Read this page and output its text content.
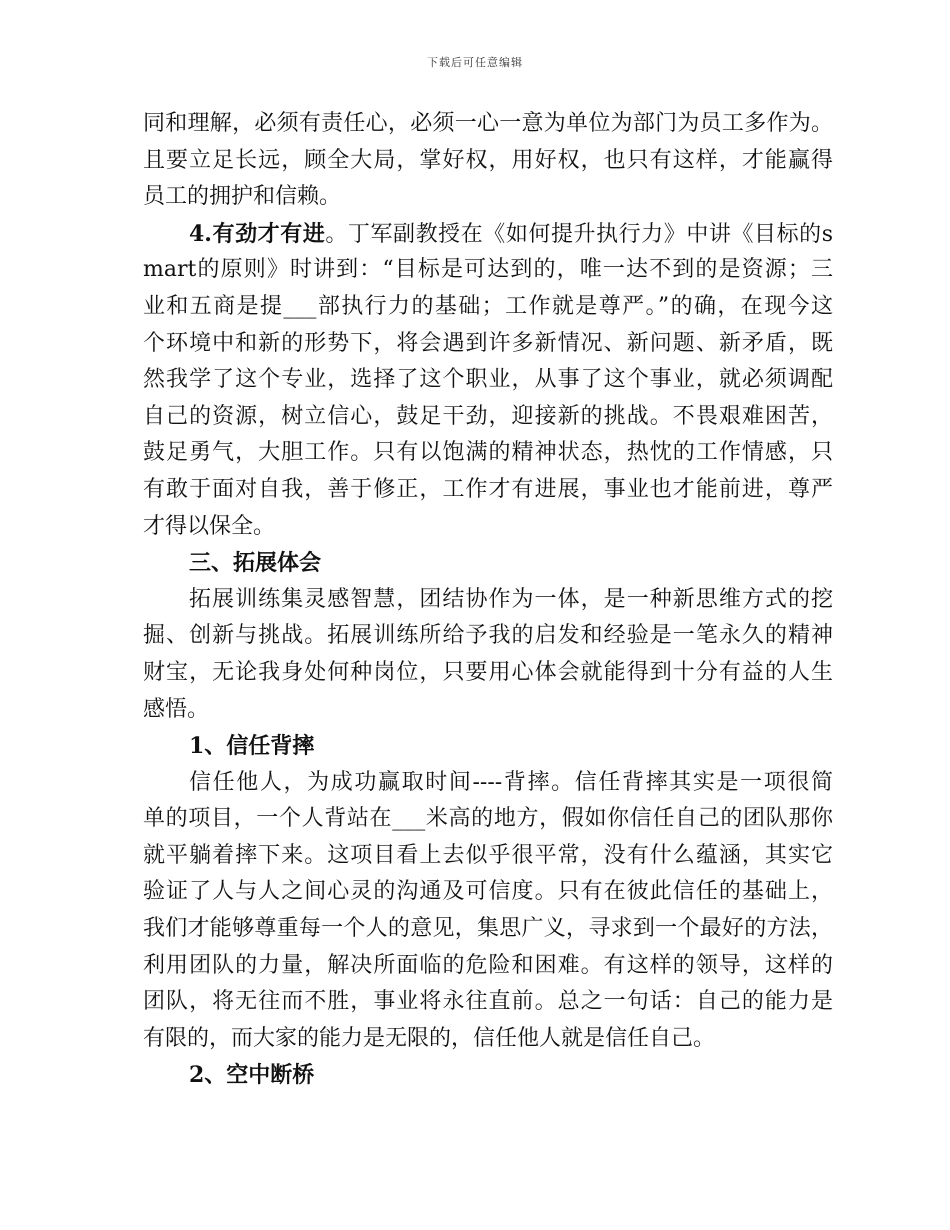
下载后可任意编辑
同和理解，必须有责任心，必须一心一意为单位为部门为员工多作为。
且要立足长远，顾全大局，掌好权，用好权，也只有这样，才能赢得
员工的拥护和信赖。
4.有劲才有进。丁军副教授在《如何提升执行力》中讲《目标的s
mart的原则》时讲到：“目标是可达到的，唯一达不到的是资源；三
业和五商是提___部执行力的基础；工作就是尊严。”的确，在现今这
个环境中和新的形势下，将会遇到许多新情况、新问题、新矛盾，既
然我学了这个专业，选择了这个职业，从事了这个事业，就必须调配
自己的资源，树立信心，鼓足干劲，迎接新的挑战。不畏艰难困苦，
鼓足勇气，大胆工作。只有以饱满的精神状态，热忱的工作情感，只
有敢于面对自我，善于修正，工作才有进展，事业也才能前进，尊严
才得以保全。
三、拓展体会
拓展训练集灵感智慧，团结协作为一体，是一种新思维方式的挖
掘、创新与挑战。拓展训练所给予我的启发和经验是一笔永久的精神
财宝，无论我身处何种岗位，只要用心体会就能得到十分有益的人生
感悟。
1、信任背摔
信任他人，为成功赢取时间----背摔。信任背摔其实是一项很简
单的项目，一个人背站在___米高的地方，假如你信任自己的团队那你
就平躺着摔下来。这项目看上去似乎很平常，没有什么蕴涵，其实它
验证了人与人之间心灵的沟通及可信度。只有在彼此信任的基础上，
我们才能够尊重每一个人的意见，集思广义，寻求到一个最好的方法，
利用团队的力量，解决所面临的危险和困难。有这样的领导，这样的
团队，将无往而不胜，事业将永往直前。总之一句话：自己的能力是
有限的，而大家的能力是无限的，信任他人就是信任自己。
2、空中断桥
